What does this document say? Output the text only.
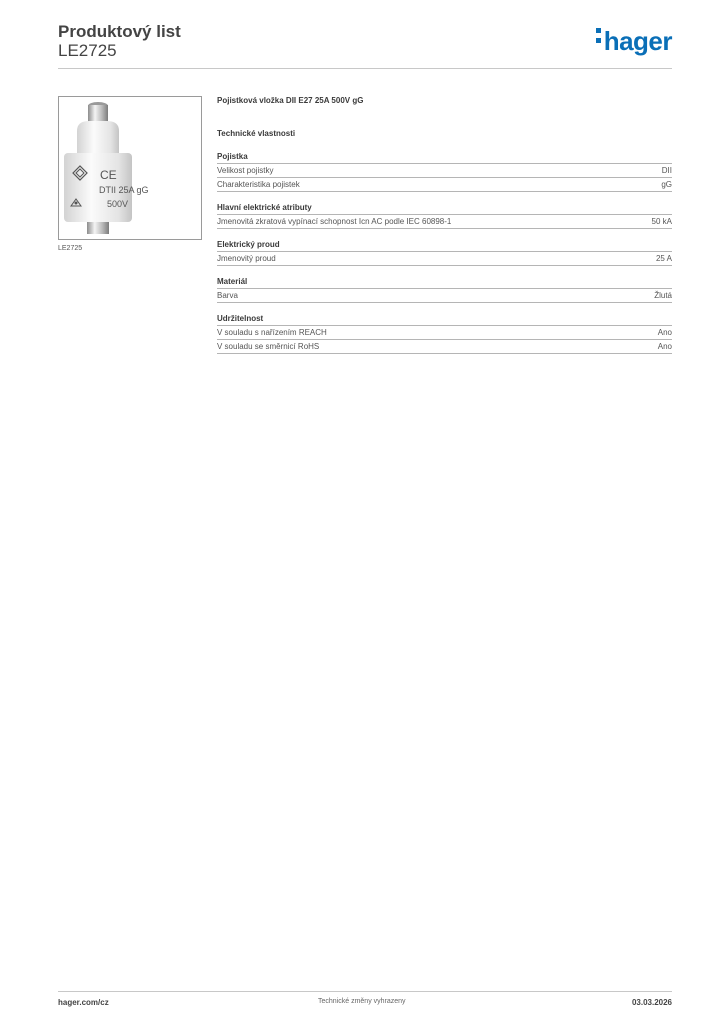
Produktový list
LE2725	hager
DTII 25A gG
500V
CE
LE2725
Pojistková vložka DII E27 25A 500V gG
Technické vlastnosti
Pojistka
Velikost pojistky	DII
Charakteristika pojistek	gG
Hlavní elektrické atributy
Jmenovitá zkratová vypínací schopnost Icn AC podle IEC 60898-1	50 kA
Elektrický proud
Jmenovitý proud	25 A
Materiál
Barva	Žlutá
Udržitelnost
V souladu s nařízením REACH	Ano
V souladu se směrnicí RoHS	Ano
hager.com/cz	Technické změny vyhrazeny	03.03.2026
